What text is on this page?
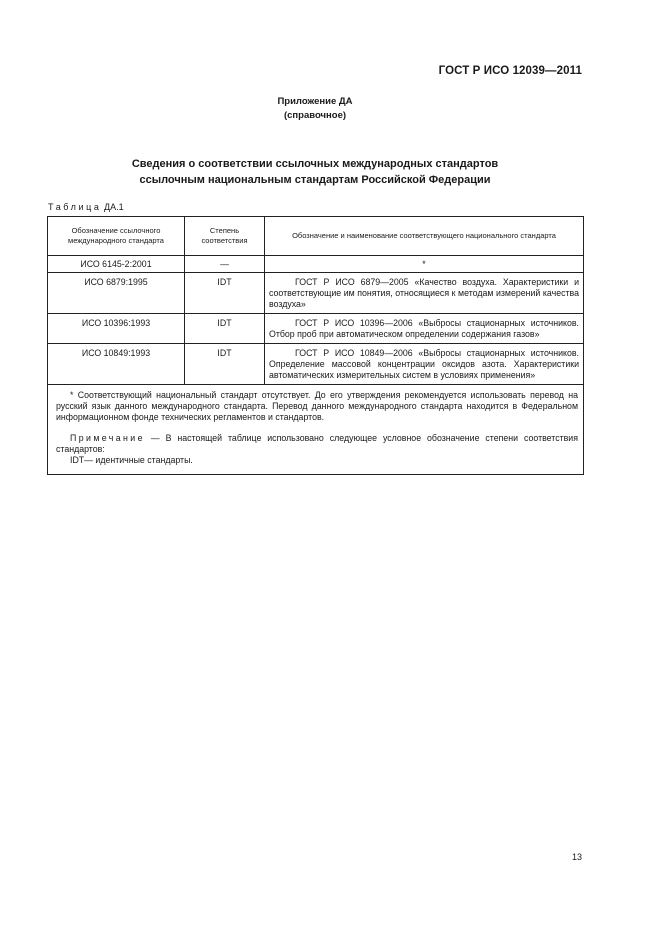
ГОСТ Р ИСО 12039—2011
Приложение ДА
(справочное)
Сведения о соответствии ссылочных международных стандартов
ссылочным национальным стандартам Российской Федерации
Таблица ДА.1
Обозначение ссылочного международного стандарта	Степень соответствия	Обозначение и наименование соответствующего национального стандарта
ИСО 6145-2:2001	—	*
ИСО 6879:1995	IDT	ГОСТ Р ИСО 6879—2005 «Качество воздуха. Характеристики и соответствующие им понятия, относящиеся к методам измерений качества воздуха»
ИСО 10396:1993	IDT	ГОСТ Р ИСО 10396—2006 «Выбросы стационарных источников. Отбор проб при автоматическом определении содержания газов»
ИСО 10849:1993	IDT	ГОСТ Р ИСО 10849—2006 «Выбросы стационарных источников. Определение массовой концентрации оксидов азота. Характеристики автоматических измерительных систем в условиях применения»

* Соответствующий национальный стандарт отсутствует. До его утверждения рекомендуется использовать перевод на русский язык данного международного стандарта. Перевод данного международного стандарта находится в Федеральном информационном фонде технических регламентов и стандартов.

Примечание — В настоящей таблице использовано следующее условное обозначение степени соответствия стандартов:

IDT— идентичные стандарты.		

13
